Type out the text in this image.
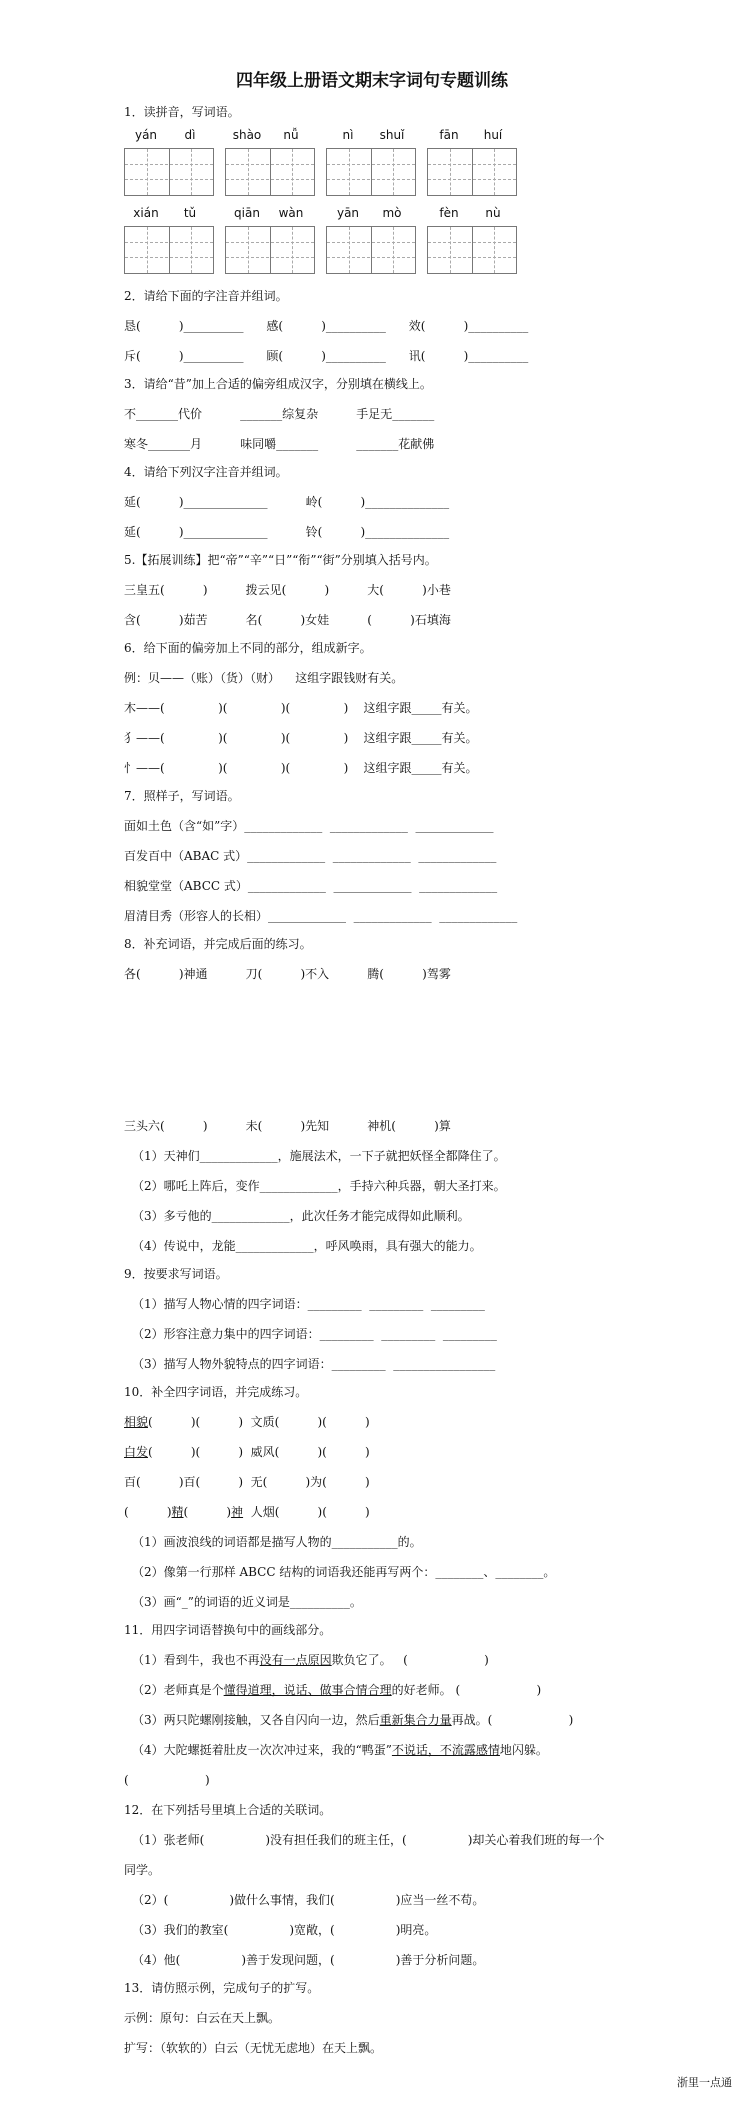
四年级上册语文期末字词句专题训练
1．读拼音，写词语。
yán	dì	shào	nǚ	nì	shuǐ	fān	huí
xián	tǔ	qiān	wàn	yān	mò	fèn	nù
2．请给下面的字注音并组词。
恳(          )__________      感(          )__________      效(          )__________
斥(          )__________      顾(          )__________      讯(          )__________
3．请给“昔”加上合适的偏旁组成汉字，分别填在横线上。
不_______代价          _______综复杂          手足无_______
寒冬_______月          味同嚼_______          _______花献佛
4．请给下列汉字注音并组词。
延(          )______________          岭(          )______________
延(          )______________          铃(          )______________
5.【拓展训练】把“帝”“辛”“日”“衔”“街”分别填入括号内。
三皇五(          )          拨云见(          )          大(          )小巷
含(          )茹苦          名(          )女娃          (          )石填海
6．给下面的偏旁加上不同的部分，组成新字。
例：贝——（账）（货）（财）    这组字跟钱财有关。
木——(              )(              )(              )    这组字跟_____有关。
犭——(              )(              )(              )    这组字跟_____有关。
忄——(              )(              )(              )    这组字跟_____有关。
7．照样子，写词语。
面如土色（含“如”字）_____________  _____________  _____________
百发百中（ABAC 式）_____________  _____________  _____________
相貌堂堂（ABCC 式）_____________  _____________  _____________
眉清目秀（形容人的长相）_____________  _____________  _____________
8．补充词语，并完成后面的练习。
各(          )神通          刀(          )不入          腾(          )驾雾
三头六(          )          未(          )先知          神机(          )算
（1）天神们_____________，施展法术，一下子就把妖怪全都降住了。
（2）哪吒上阵后，变作_____________，手持六种兵器，朝大圣打来。
（3）多亏他的_____________，此次任务才能完成得如此顺利。
（4）传说中，龙能_____________，呼风唤雨，具有强大的能力。
9．按要求写词语。
（1）描写人物心情的四字词语：_________  _________  _________
（2）形容注意力集中的四字词语：_________  _________  _________
（3）描写人物外貌特点的四字词语：_________  _________________
10．补全四字词语，并完成练习。
相貌(          )(          )  文质(          )(          )
白发(          )(          )  威风(          )(          )
百(          )百(          )  无(          )为(          )
(          )精(          )神  人烟(          )(          )
（1）画波浪线的词语都是描写人物的___________的。
（2）像第一行那样 ABCC 结构的词语我还能再写两个：________、________。
（3）画“_”的词语的近义词是__________。
11．用四字词语替换句中的画线部分。
（1）看到牛，我也不再没有一点原因欺负它了。   (                    )
（2）老师真是个懂得道理，说话、做事合情合理的好老师。 (                    )
（3）两只陀螺刚接触，又各自闪向一边，然后重新集合力量再战。(                    )
（4）大陀螺挺着肚皮一次次冲过来，我的“鸭蛋”不说话，不流露感情地闪躲。
(                    )
12．在下列括号里填上合适的关联词。
（1）张老师(                )没有担任我们的班主任，(                )却关心着我们班的每一个
同学。
（2）(                )做什么事情，我们(                )应当一丝不苟。
（3）我们的教室(                )宽敞，(                )明亮。
（4）他(                )善于发现问题，(                )善于分析问题。
13．请仿照示例，完成句子的扩写。
示例：原句：白云在天上飘。
扩写：（软软的）白云（无忧无虑地）在天上飘。
浙里一点通
